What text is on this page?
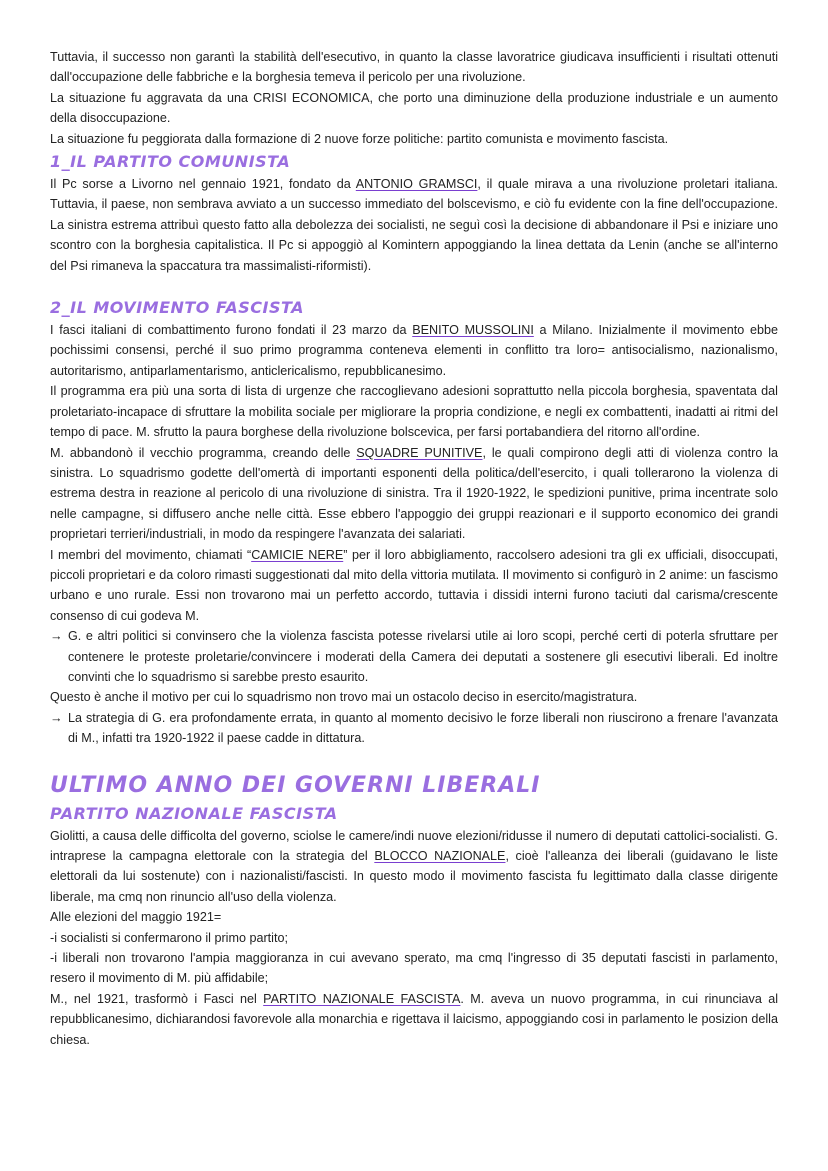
Tuttavia, il successo non garantì la stabilità dell'esecutivo, in quanto la classe lavoratrice giudicava insufficienti i risultati ottenuti dall'occupazione delle fabbriche e la borghesia temeva il pericolo per una rivoluzione.

La situazione fu aggravata da una CRISI ECONOMICA, che porto una diminuzione della produzione industriale e un aumento della disoccupazione.

La situazione fu peggiorata dalla formazione di 2 nuove forze politiche: partito comunista e movimento fascista.

1_IL PARTITO COMUNISTA

Il Pc sorse a Livorno nel gennaio 1921, fondato da ANTONIO GRAMSCI, il quale mirava a una rivoluzione proletari italiana. Tuttavia, il paese, non sembrava avviato a un successo immediato del bolscevismo, e ciò fu evidente con la fine dell'occupazione. La sinistra estrema attribuì questo fatto alla debolezza dei socialisti, ne seguì così la decisione di abbandonare il Psi e iniziare uno scontro con la borghesia capitalistica. Il Pc si appoggiò al Komintern appoggiando la linea dettata da Lenin (anche se all'interno del Psi rimaneva la spaccatura tra massimalisti-riformisti).

2_IL MOVIMENTO FASCISTA

I fasci italiani di combattimento furono fondati il 23 marzo da BENITO MUSSOLINI a Milano. Inizialmente il movimento ebbe pochissimi consensi, perché il suo primo programma conteneva elementi in conflitto tra loro= antisocialismo, nazionalismo, autoritarismo, antiparlamentarismo, anticlericalismo, repubblicanesimo.

Il programma era più una sorta di lista di urgenze che raccoglievano adesioni soprattutto nella piccola borghesia, spaventata dal proletariato-incapace di sfruttare la mobilita sociale per migliorare la propria condizione, e negli ex combattenti, inadatti ai ritmi del tempo di pace. M. sfrutto la paura borghese della rivoluzione bolscevica, per farsi portabandiera del ritorno all'ordine.

M. abbandonò il vecchio programma, creando delle SQUADRE PUNITIVE, le quali compirono degli atti di violenza contro la sinistra. Lo squadrismo godette dell'omertà di importanti esponenti della politica/dell'esercito, i quali tollerarono la violenza di estrema destra in reazione al pericolo di una rivoluzione di sinistra. Tra il 1920-1922, le spedizioni punitive, prima incentrate solo nelle campagne, si diffusero anche nelle città. Esse ebbero l'appoggio dei gruppi reazionari e il supporto economico dei grandi proprietari terrieri/industriali, in modo da respingere l'avanzata dei salariati.

I membri del movimento, chiamati “CAMICIE NERE” per il loro abbigliamento, raccolsero adesioni tra gli ex ufficiali, disoccupati, piccoli proprietari e da coloro rimasti suggestionati dal mito della vittoria mutilata. Il movimento si configurò in 2 anime: un fascismo urbano e uno rurale. Essi non trovarono mai un perfetto accordo, tuttavia i dissidi interni furono taciuti dal carisma/crescente consenso di cui godeva M.

→ G. e altri politici si convinsero che la violenza fascista potesse rivelarsi utile ai loro scopi, perché certi di poterla sfruttare per contenere le proteste proletarie/convincere i moderati della Camera dei deputati a sostenere gli esecutivi liberali. Ed inoltre convinti che lo squadrismo si sarebbe presto esaurito.

Questo è anche il motivo per cui lo squadrismo non trovo mai un ostacolo deciso in esercito/magistratura.

→ La strategia di G. era profondamente errata, in quanto al momento decisivo le forze liberali non riuscirono a frenare l'avanzata di M., infatti tra 1920-1922 il paese cadde in dittatura.
ULTIMO ANNO DEI GOVERNI LIBERALI
PARTITO NAZIONALE FASCISTA

Giolitti, a causa delle difficolta del governo, sciolse le camere/indi nuove elezioni/ridusse il numero di deputati cattolici-socialisti. G. intraprese la campagna elettorale con la strategia del BLOCCO NAZIONALE, cioè l'alleanza dei liberali (guidavano le liste elettorali da lui sostenute) con i nazionalisti/fascisti. In questo modo il movimento fascista fu legittimato dalla classe dirigente liberale, ma cmq non rinuncio all'uso della violenza.

Alle elezioni del maggio 1921=

-i socialisti si confermarono il primo partito;

-i liberali non trovarono l'ampia maggioranza in cui avevano sperato, ma cmq l'ingresso di 35 deputati fascisti in parlamento, resero il movimento di M. più affidabile;

M., nel 1921, trasformò i Fasci nel PARTITO NAZIONALE FASCISTA. M. aveva un nuovo programma, in cui rinunciava al repubblicanesimo, dichiarandosi favorevole alla monarchia e rigettava il laicismo, appoggiando cosi in parlamento le posizion della chiesa.
